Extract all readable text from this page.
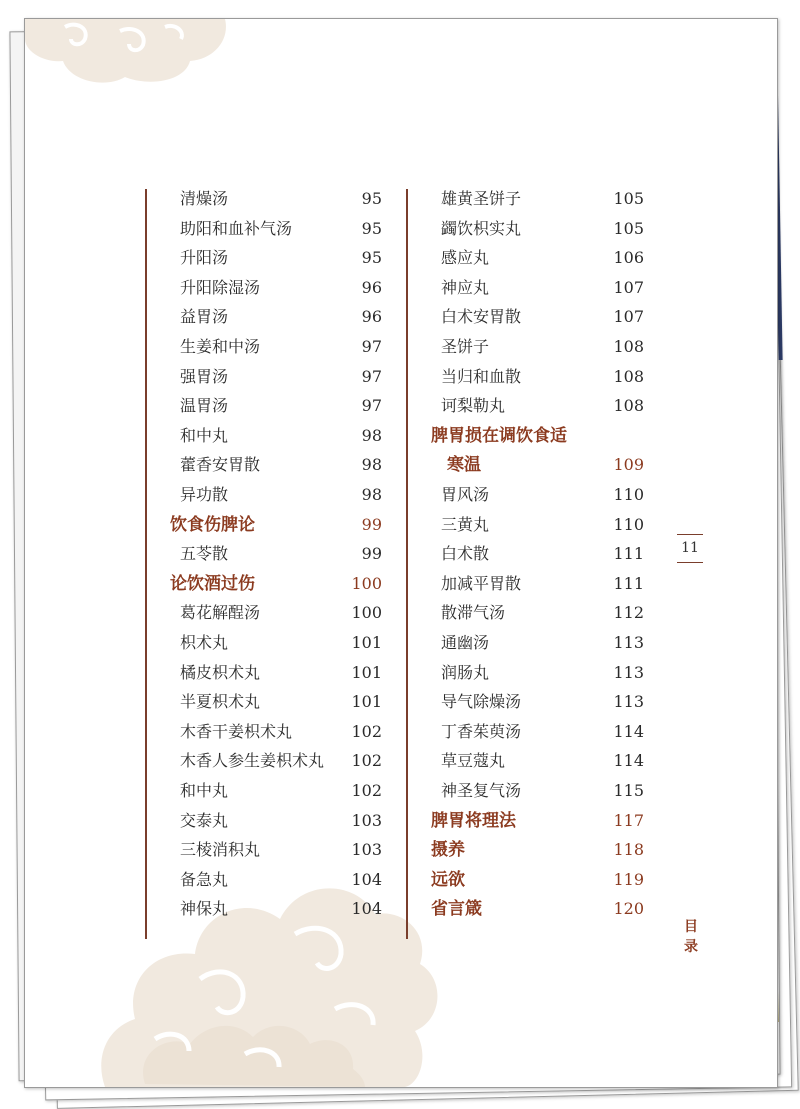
清燥汤	95
助阳和血补气汤	95
升阳汤	95
升阳除湿汤	96
益胃汤	96
生姜和中汤	97
强胃汤	97
温胃汤	97
和中丸	98
藿香安胃散	98
异功散	98
饮食伤脾论	99
五苓散	99
论饮酒过伤	100
葛花解酲汤	100
枳术丸	101
橘皮枳术丸	101
半夏枳术丸	101
木香干姜枳术丸	102
木香人参生姜枳术丸 102
和中丸	102
交泰丸	103
三棱消积丸	103
备急丸	104
神保丸	104
雄黄圣饼子	105
蠲饮枳实丸	105
感应丸	106
神应丸	107
白术安胃散	107
圣饼子	108
当归和血散	108
诃梨勒丸	108
脾胃损在调饮食适
寒温	109
胃风汤	110
三黄丸	110
白术散	111
加减平胃散	111
散滞气汤	112
通幽汤	113
润肠丸	113
导气除燥汤	113
丁香茱萸汤	114
草豆蔻丸	114
神圣复气汤	115
脾胃将理法	117
摄养	118
远欲	119
省言箴	120
11
目
录
